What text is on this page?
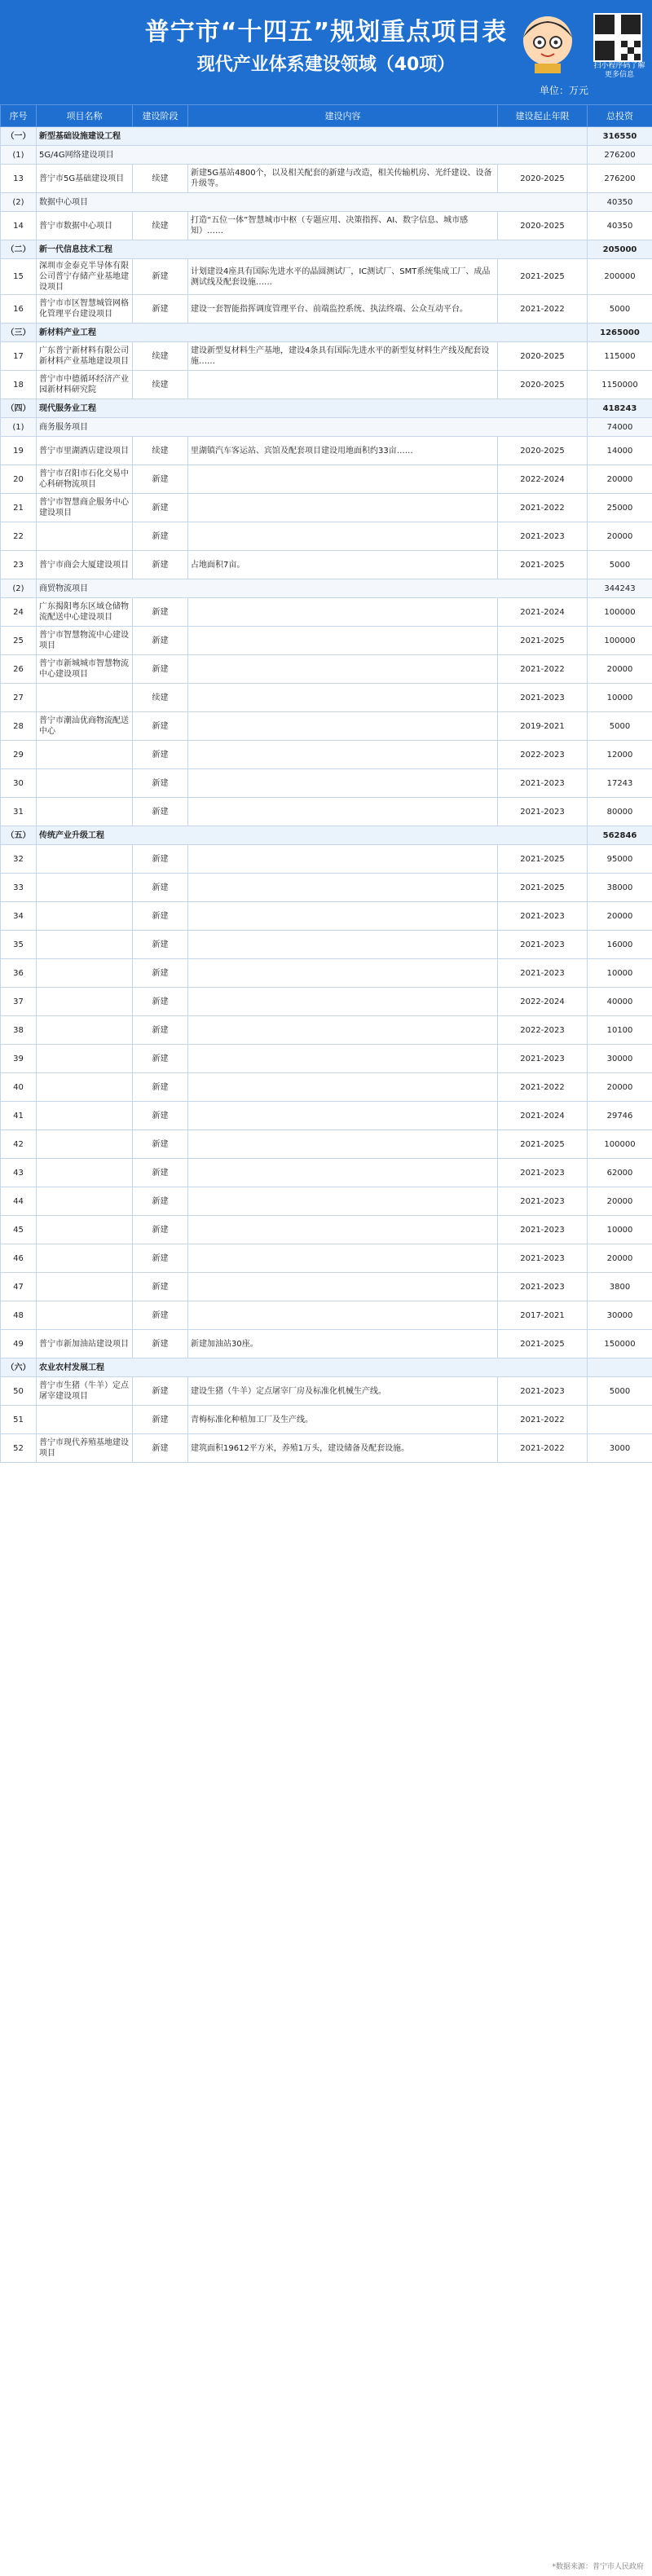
普宁市“十四五”规划重点项目表
现代产业体系建设领域（40项）
单位：万元
扫小程序码了解更多信息
序号	项目名称	建设阶段	建设内容	建设起止年限	总投资
（一）	新型基础设施建设工程				316550
(1)	5G/4G网络建设项目				276200
13	普宁市5G基础建设项目	续建	新建5G基站4800个，以及相关配套的新建与改造，相关传输机房、光纤建设、设备升级等。	2020-2025	276200
(2)	数据中心项目				40350
14	普宁市数据中心项目	续建	打造“五位一体”智慧城市中枢（专题应用、决策指挥、AI、数字信息、城市感知）……	2020-2025	40350
（二）	新一代信息技术工程				205000
15	深圳市金泰克半导体有限公司普宁存储产业基地建设项目	新建	计划建设4座具有国际先进水平的晶圆测试厂，IC测试厂、SMT系统集成工厂、成品测试线及配套设施……	2021-2025	200000
16	普宁市市区智慧城管网格化管理平台建设项目	新建	建设一套智能指挥调度管理平台、前端监控系统、执法终端、公众互动平台。	2021-2022	5000
（三）	新材料产业工程				1265000
17	广东普宁新材料有限公司新材料产业基地建设项目	续建	建设新型复材料生产基地，建设4条具有国际先进水平的新型复材料生产线及配套设施……	2020-2025	115000
18	普宁市中德循环经济产业园新材料研究院	续建		2020-2025	1150000
（四）	现代服务业工程				418243
(1)	商务服务项目				74000
19	普宁市里湖酒店建设项目	续建	里湖镇汽车客运站、宾馆及配套项目建设用地面积约33亩……	2020-2025	14000
20	普宁市召阳市石化交易中心科研物流项目	新建		2022-2024	20000
21	普宁市智慧商企服务中心建设项目	新建		2021-2022	25000
22		新建		2021-2023	20000
23	普宁市商会大厦建设项目	新建	占地面积7亩。	2021-2025	5000
(2)	商贸物流项目				344243
24	广东揭阳粤东区域仓储物流配送中心建设项目	新建		2021-2024	100000
25	普宁市智慧物流中心建设项目	新建		2021-2025	100000
26	普宁市新城城市智慧物流中心建设项目	新建		2021-2022	20000
27		续建		2021-2023	10000
28	普宁市潮汕优商物流配送中心	新建		2019-2021	5000
29		新建		2022-2023	12000
30		新建		2021-2023	17243
31		新建		2021-2023	80000
（五）	传统产业升级工程				562846
32		新建		2021-2025	95000
33		新建		2021-2025	38000
34		新建		2021-2023	20000
35		新建		2021-2023	16000
36		新建		2021-2023	10000
37		新建		2022-2024	40000
38		新建		2022-2023	10100
39		新建		2021-2023	30000
40		新建		2021-2022	20000
41		新建		2021-2024	29746
42		新建		2021-2025	100000
43		新建		2021-2023	62000
44		新建		2021-2023	20000
45		新建		2021-2023	10000
46		新建		2021-2023	20000
47		新建		2021-2023	3800
48		新建		2017-2021	30000
49	普宁市新加油站建设项目	新建	新建加油站30座。	2021-2025	150000
（六）	农业农村发展工程				
50	普宁市生猪（牛羊）定点屠宰建设项目	新建	建设生猪（牛羊）定点屠宰厂房及标准化机械生产线。	2021-2023	5000
51		新建	青梅标准化种植加工厂及生产线。	2021-2022	
52	普宁市现代养殖基地建设项目	新建	建筑面积19612平方米，养殖1万头，建设储备及配套设施。	2021-2022	3000
*数据来源：普宁市人民政府
